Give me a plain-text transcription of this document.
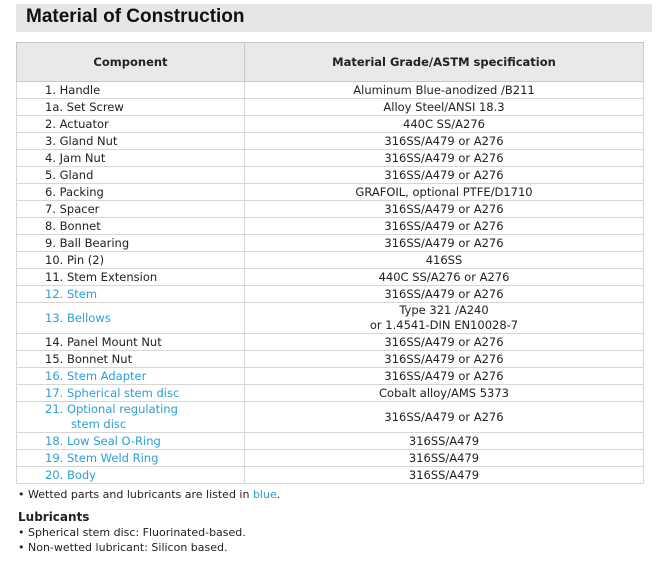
Material of Construction
Component	Material Grade/ASTM specification
1. Handle	Aluminum Blue-anodized /B211
1a. Set Screw	Alloy Steel/ANSI 18.3
2. Actuator	440C SS/A276
3. Gland Nut	316SS/A479 or A276
4. Jam Nut	316SS/A479 or A276
5. Gland	316SS/A479 or A276
6. Packing	GRAFOIL, optional PTFE/D1710
7. Spacer	316SS/A479 or A276
8. Bonnet	316SS/A479 or A276
9. Ball Bearing	316SS/A479 or A276
10. Pin (2)	416SS
11. Stem Extension	440C SS/A276 or A276
12. Stem	316SS/A479 or A276
13. Bellows	Type 321 /A240
or 1.4541-DIN EN10028-7

14. Panel Mount Nut	316SS/A479 or A276
15. Bonnet Nut	316SS/A479 or A276
16. Stem Adapter	316SS/A479 or A276
17. Spherical stem disc	Cobalt alloy/AMS 5373

21. Optional regulating
stem disc	316SS/A479 or A276
18. Low Seal O-Ring	316SS/A479
19. Stem Weld Ring	316SS/A479
20. Body	316SS/A479
• Wetted parts and lubricants are listed in blue.
Lubricants
• Spherical stem disc: Fluorinated-based.
• Non-wetted lubricant: Silicon based.
